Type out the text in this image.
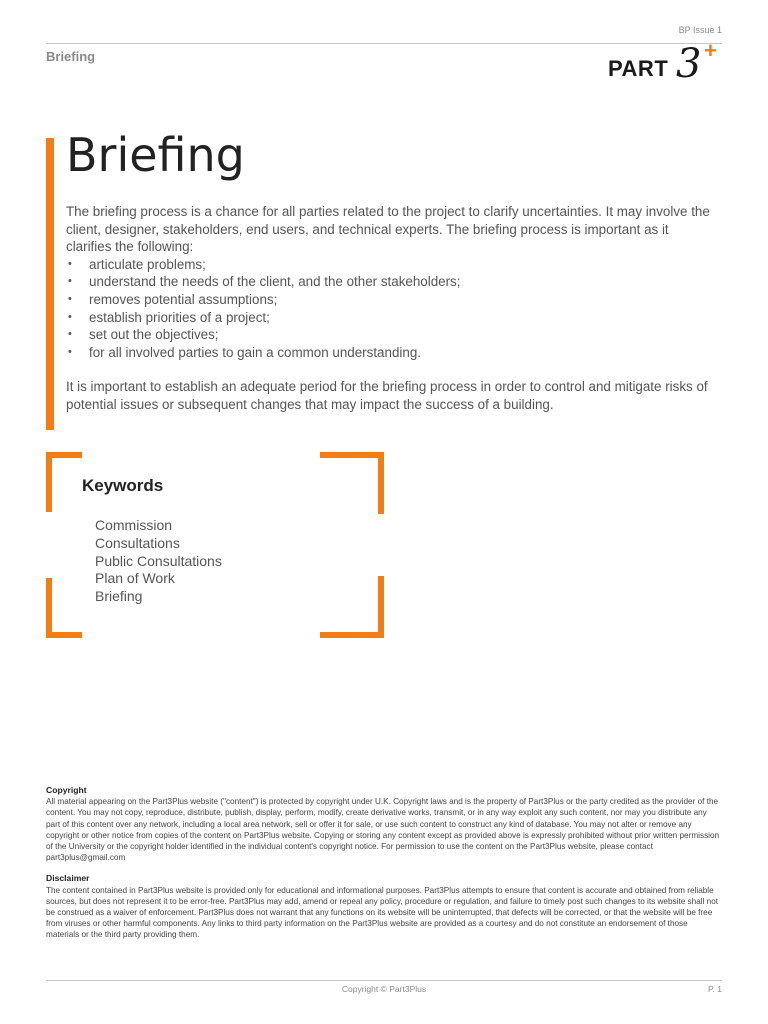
BP Issue 1
Briefing	PART 3 +
Briefing

The briefing process is a chance for all parties related to the project to clarify uncertainties. It may involve the client, designer, stakeholders, end users, and technical experts. The briefing process is important as it clarifies the following:

• articulate problems;
• understand the needs of the client, and the other stakeholders;
• removes potential assumptions;
• establish priorities of a project;
• set out the objectives;
• for all involved parties to gain a common understanding.

It is important to establish an adequate period for the briefing process in order to control and mitigate risks of potential issues or subsequent changes that may impact the success of a building.

Keywords
Commission
Consultations
Public Consultations
Plan of Work
Briefing
Copyright

All material appearing on the Part3Plus website ("content") is protected by copyright under U.K. Copyright laws and is the property of Part3Plus or the party credited as the provider of the content. You may not copy, reproduce, distribute, publish, display, perform, modify, create derivative works, transmit, or in any way exploit any such content, nor may you distribute any part of this content over any network, including a local area network, sell or offer it for sale, or use such content to construct any kind of database. You may not alter or remove any copyright or other notice from copies of the content on Part3Plus website. Copying or storing any content except as provided above is expressly prohibited without prior written permission of the University or the copyright holder identified in the individual content's copyright notice. For permission to use the content on the Part3Plus website, please contact part3plus@gmail.com

Disclaimer

The content contained in Part3Plus website is provided only for educational and informational purposes. Part3Plus attempts to ensure that content is accurate and obtained from reliable sources, but does not represent it to be error-free. Part3Plus may add, amend or repeal any policy, procedure or regulation, and failure to timely post such changes to its website shall not be construed as a waiver of enforcement. Part3Plus does not warrant that any functions on its website will be uninterrupted, that defects will be corrected, or that the website will be free from viruses or other harmful components. Any links to third party information on the Part3Plus website are provided as a courtesy and do not constitute an endorsement of those materials or the third party providing them.

Copyright © Part3Plus	P. 1
